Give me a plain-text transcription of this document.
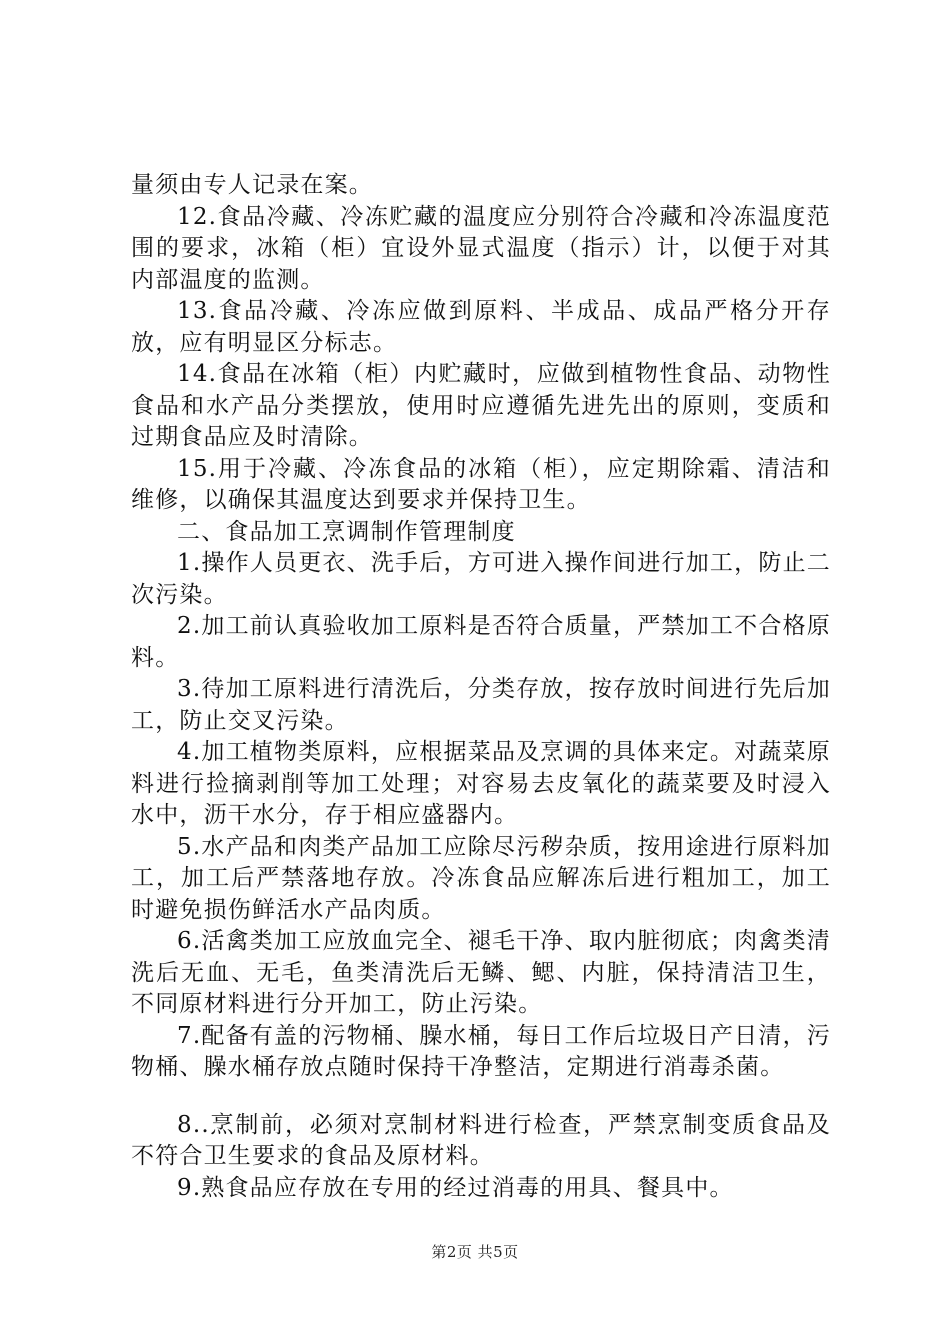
量须由专人记录在案。

12.食品冷藏、冷冻贮藏的温度应分别符合冷藏和冷冻温度范围的要求，冰箱（柜）宜设外显式温度（指示）计，以便于对其内部温度的监测。

13.食品冷藏、冷冻应做到原料、半成品、成品严格分开存放，应有明显区分标志。

14.食品在冰箱（柜）内贮藏时，应做到植物性食品、动物性食品和水产品分类摆放，使用时应遵循先进先出的原则，变质和过期食品应及时清除。

15.用于冷藏、冷冻食品的冰箱（柜），应定期除霜、清洁和维修，以确保其温度达到要求并保持卫生。

二、食品加工烹调制作管理制度

1.操作人员更衣、洗手后，方可进入操作间进行加工，防止二次污染。

2.加工前认真验收加工原料是否符合质量，严禁加工不合格原料。

3.待加工原料进行清洗后，分类存放，按存放时间进行先后加工，防止交叉污染。

4.加工植物类原料，应根据菜品及烹调的具体来定。对蔬菜原料进行捡摘剥削等加工处理；对容易去皮氧化的蔬菜要及时浸入水中，沥干水分，存于相应盛器内。

5.水产品和肉类产品加工应除尽污秽杂质，按用途进行原料加工，加工后严禁落地存放。冷冻食品应解冻后进行粗加工，加工时避免损伤鲜活水产品肉质。

6.活禽类加工应放血完全、褪毛干净、取内脏彻底；肉禽类清洗后无血、无毛，鱼类清洗后无鳞、鳃、内脏，保持清洁卫生，不同原材料进行分开加工，防止污染。

7.配备有盖的污物桶、臊水桶，每日工作后垃圾日产日清，污物桶、臊水桶存放点随时保持干净整洁，定期进行消毒杀菌。

8..烹制前，必须对烹制材料进行检查，严禁烹制变质食品及不符合卫生要求的食品及原材料。

9.熟食品应存放在专用的经过消毒的用具、餐具中。

第2页 共5页
